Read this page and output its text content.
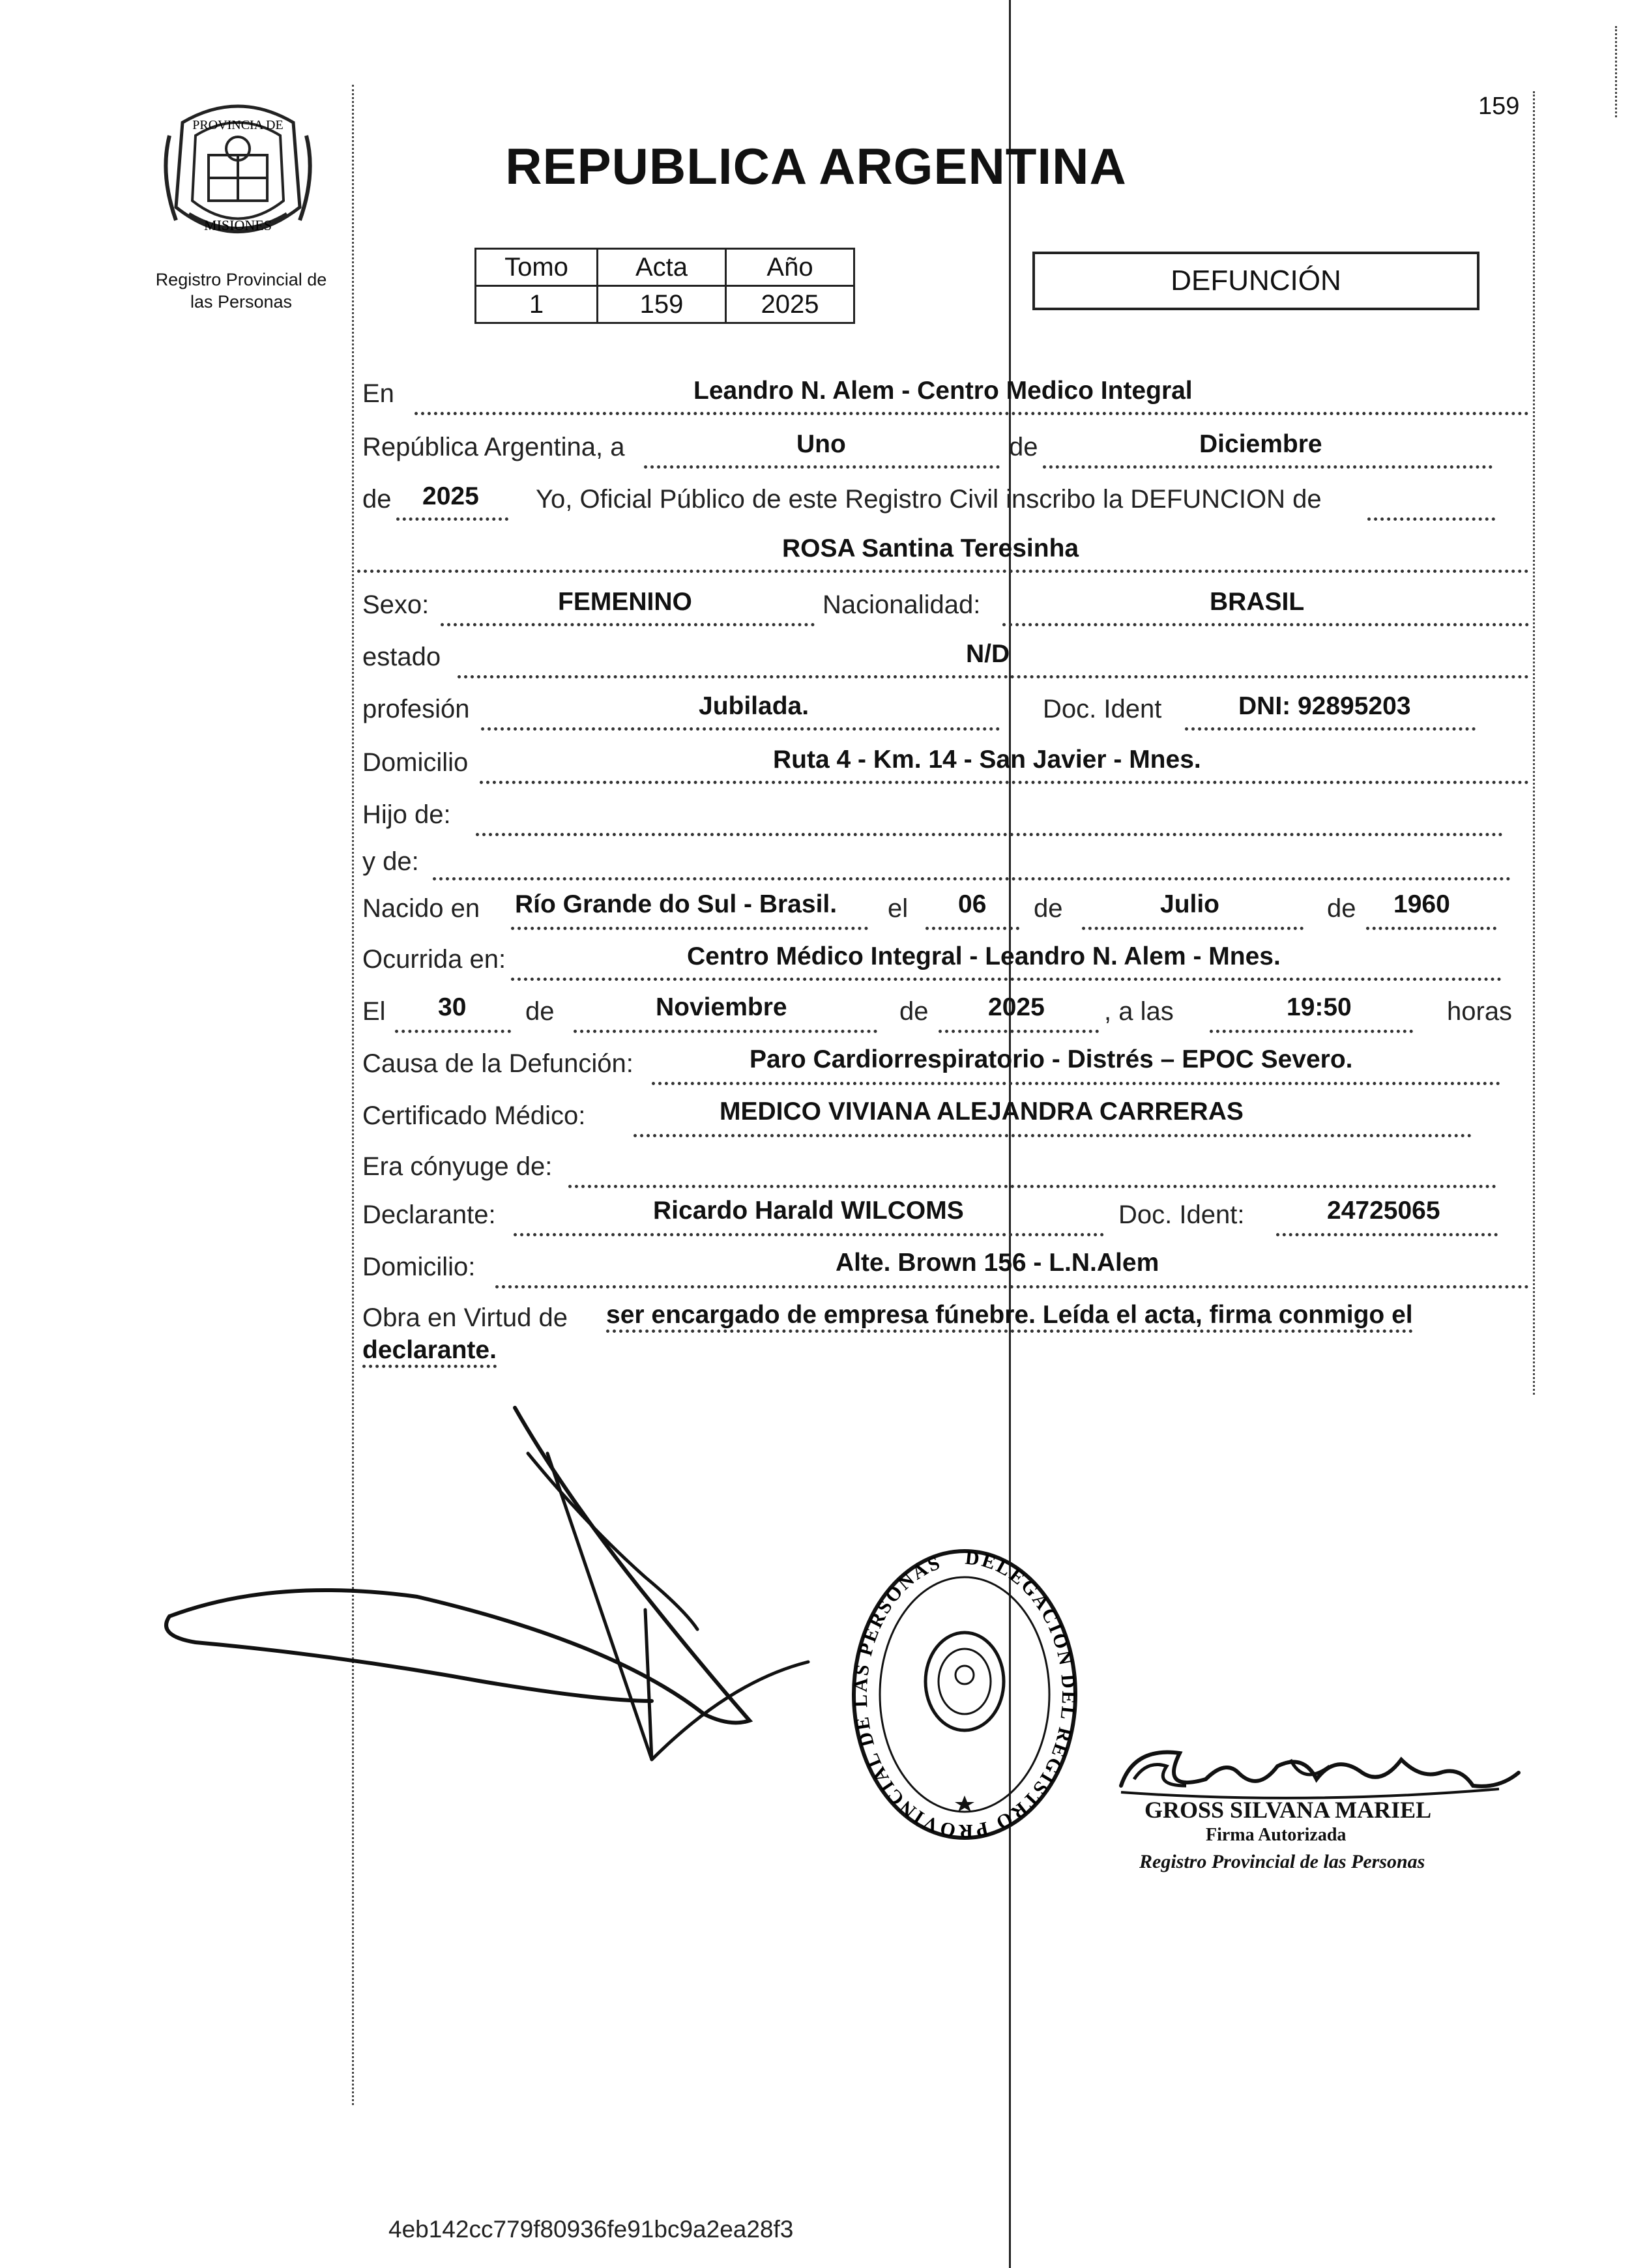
159
PROVINCIA DE
MISIONES
Registro Provincial de
las Personas
REPUBLICA ARGENTINA
Tomo	Acta	Año
1	159	2025
DEFUNCIÓN
En	Leandro N. Alem - Centro Medico Integral
República Argentina, a	Uno	de	Diciembre
de 2025 Yo, Oficial Público de este Registro Civil inscribo la DEFUNCION de
ROSA Santina Teresinha
Sexo:	FEMENINO	Nacionalidad:	BRASIL
estado	N/D
profesión	Jubilada.	Doc. Ident	DNI: 92895203
Domicilio	Ruta 4 - Km. 14 - San Javier - Mnes.
Hijo de:
y de:
Nacido en Río Grande do Sul - Brasil. el 06 de	Julio	de 1960
Ocurrida en:	Centro Médico Integral - Leandro N. Alem - Mnes.
El 30 de	Noviembre	de 2025 , a las	19:50	horas
Causa de la Defunción:	Paro Cardiorrespiratorio - Distrés – EPOC Severo.
Certificado Médico:	MEDICO VIVIANA ALEJANDRA CARRERAS
Era cónyuge de:
Declarante:	Ricardo Harald WILCOMS	Doc. Ident:	24725065
Domicilio:	Alte. Brown 156 - L.N.Alem
Obra en Virtud de ser encargado de empresa fúnebre. Leída el acta, firma conmigo el
declarante.
DELEGACION DEL REGISTRO PROVINCIAL DE LAS PERSONAS
GROSS SILVANA MARIEL
Firma Autorizada
Registro Provincial de las Personas
4eb142cc779f80936fe91bc9a2ea28f3
